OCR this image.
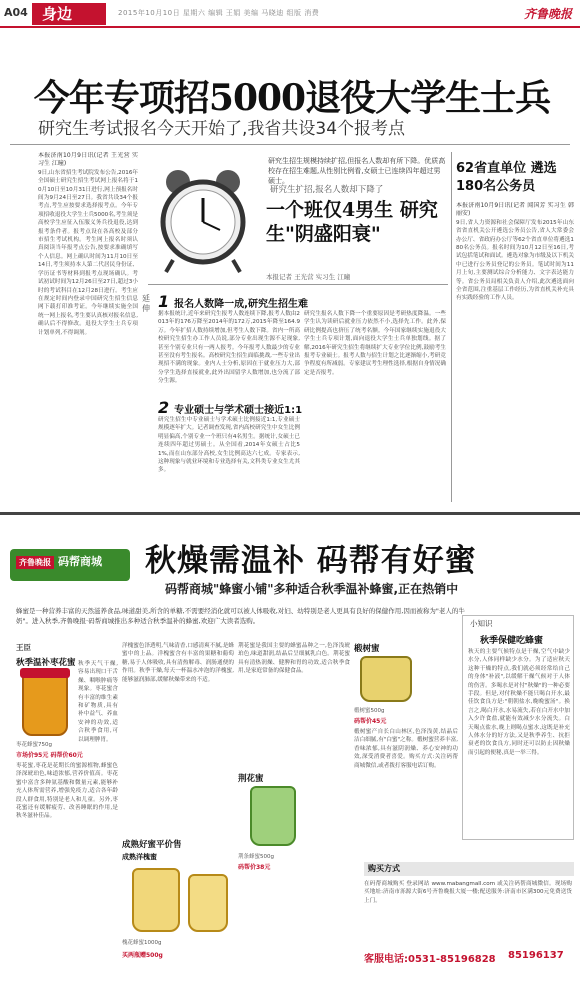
A04 身边	2015年10月10日 星期六 编辑 王娟 美编 马晓迪 组版 消费	齐鲁晚报
今年专项招5000退役大学生士兵
研究生考试报名今天开始了,我省共设34个报考点
本报济南10月9日讯(记者 王光营 实习生 江曈)
9日,山东省招生考试院发布公告,2016年全国硕士研究生招生考试网上报名将于10月10日至10月31日进行,网上预报名时间为9月24日至27日。我省共设34个报考点,考生应按要求选择报考点。今年专项招收退役大学生士兵5000名,考生须是高校学生应征入伍服义务兵役退役,达到报考条件者。报考点设在各高校及部分市招生考试机构。考生网上报名时须认真阅读当年报考点公告,按要求准确填写个人信息。网上确认时间为11月10日至14日,考生须持本人第二代居民身份证、学历证书等材料到报考点现场确认。考试初试时间为12月26日至27日,超过3小时的考试科目在12月28日进行。考生应在规定时间内登录中国研究生招生信息网下载打印准考证。今年继续实施全国统一网上报名,考生要认真核对报名信息,确认后不得修改。退役大学生士兵专项计划单列,不得调剂。
研究生招生规模持续扩招,但报名人数却有所下降。优质高校存在招生难题,从性别比例看,女硕士已连续四年超过男硕士。
研究生扩招,报名人数却下降了
一个班仅4男生 研究生"阴盛阳衰"
本报记者 王光营 实习生 江曈
延伸 1 报名人数降一成,研究生招生难
据本报统计,近年来研究生报考人数连续下降,报考人数由2013年的176万降至2014年的172万,2015年降至164.9万。今年扩招人数持续增加,但考生人数下降。省内一所高校研究生招生办工作人员说,部分专业出现生源不足现象,甚至个别专业只有一两人报考。今年报考人数最少的专业甚至没有考生报名。高校研究生招生面临挑战,一些专业出现招不满的现象。业内人士分析,原因在于就业压力大,部分学生选择直接就业,此外出国留学人数增加,也分流了部分生源。
2 专业硕士与学术硕士接近1:1
研究生招生中专业硕士与学术硕士比例接近1:1,专业硕士规模逐年扩大。记者调查发现,省内高校研究生中女生比例明显偏高,个别专业一个班只有4名男生。据统计,女硕士已连续四年超过男硕士。从全国看,2014年女硕士占比51%,而在山东部分高校,女生比例高达六七成。专家表示,这种现象与就业环境和专业选择有关,文科类专业女生尤其多。
研究生报名人数下降一个重要原因是考研热度降温。一些学生认为读研后就业压力依然不小,选择先工作。此外,保研比例提高也挤压了统考名额。今年国家继续实施退役大学生士兵专项计划,面向退役大学生士兵单独划线。据了解,2016年研究生招生将继续扩大专业学位比例,鼓励考生报考专业硕士。报考人数与招生计划之比逐渐缩小,考研竞争程度有所减弱。专家建议考生理性选择,根据自身情况确定是否报考。
62省直单位 遴选180名公务员
本报济南10月9日讯(记者 闻国芳 实习生 韩丽安)
9日,省人力资源和社会保障厅发布2015年山东省省直机关公开遴选公务员公告,省人大常委会办公厅、省政府办公厅等62个省直单位将遴选180名公务员。报名时间为10月12日至16日,考试包括笔试和面试。遴选对象为市级及以下机关中已进行公务员登记的公务员。笔试时间为11月上旬,主要测试综合分析能力、文字表达能力等。省公务员局相关负责人介绍,此次遴选面向全省范围,注重基层工作经历,为省直机关补充具有实践经验的工作人员。
齐鲁晚报 码帮商城	秋燥需温补 码帮有好蜜
码帮商城"蜂蜜小铺"多种适合秋季温补蜂蜜,正在热销中
蜂蜜是一种营养丰富的天然滋养食品,味道甜美,所含的单糖,不需要经消化就可以被人体吸收,对妇、幼特别是老人更具有良好的保健作用,因而被称为"老人的牛奶"。进入秋季,齐鲁晚报·码帮商城推出多种适合秋季温补的蜂蜜,欢迎广大读者选购。
王臣
秋季温补枣花蜜
枣花蜂蜜750g
市场价95元 码帮价60元
秋季天气干燥,容易出现口干舌燥、咽喉肿痛等现象。枣花蜜含有丰富的维生素和矿物质,具有补中益气、养血安神的功效,适合秋季食用,可以调理脾胃。
枣花蜜,枣花是花期长的蜜源植物,蜂蜜色泽深琥珀色,味道浓郁,营养价值高。枣花蜜中富含多种氨基酸和微量元素,能够补充人体所需营养,增强免疫力,适合各年龄段人群食用,特别是老人和儿童。另外,枣花蜜还有缓解疲劳、改善睡眠的作用,是秋冬滋补佳品。
洋槐蜜色泽透明,气味清香,口感清爽不腻,是蜂蜜中的上品。洋槐蜜含有丰富的果糖和葡萄糖,易于人体吸收,具有清热解毒、润肠通便的作用。秋季干燥,每天一杯温水冲泡的洋槐蜜,能够滋润肺部,缓解秋燥带来的不适。
成熟好蜜平价售
成熟洋槐蜜
槐花蜂蜜1000g
买两瓶赠500g
荆花蜜是我国主要的蜂蜜品种之一,色泽浅琥珀色,味道甜润,结晶后呈细腻乳白色。荆花蜜具有清热润燥、健脾和胃的功效,适合秋季食用,是家庭常备的保健食品。
荆花蜜
荆条蜂蜜500g
码帮价38元
椴树蜜
椴树蜜500g
码帮价45元
椴树蜜产自长白山林区,色泽浅黄,结晶后洁白细腻,有"白蜜"之称。椴树蜜营养丰富,香味浓郁,具有滋阴润燥、养心安神的功效,深受消费者喜爱。购买方式:关注码帮商城微信,或者拨打客服电话订购。
小知识
秋季保健吃蜂蜜
秋天的主要气候特点是干燥,空气中缺少水分,人体同样缺少水分。为了适应秋天这种干燥的特点,我们就必须经常给自己的身体"补液",以缓解干燥气候对于人体的伤害。多喝水是对付"秋燥"的一种必要手段。但是,对付秋燥不能只喝白开水,最佳饮食良方是:"朝朝盐水,晚晚蜜汤"。换言之,喝白开水,水易流失,若在白开水中加入少许食盐,就能有效减少水分流失。白天喝点盐水,晚上则喝点蜜水,这既是补充人体水分的好方法,又是秋季养生、抗拒衰老的饮食良方,同时还可以防止因秋燥而引起的便秘,真是一举三得。
购买方式
在码帮商城购买 登录网站 www.mabangmall.com 或关注码帮商城微信。现场购买地址:济南市泺源大街6号齐鲁晚报大厦一楼;配送服务:济南市区满300元免费送货上门。
客服电话:0531-85196828 85196137
